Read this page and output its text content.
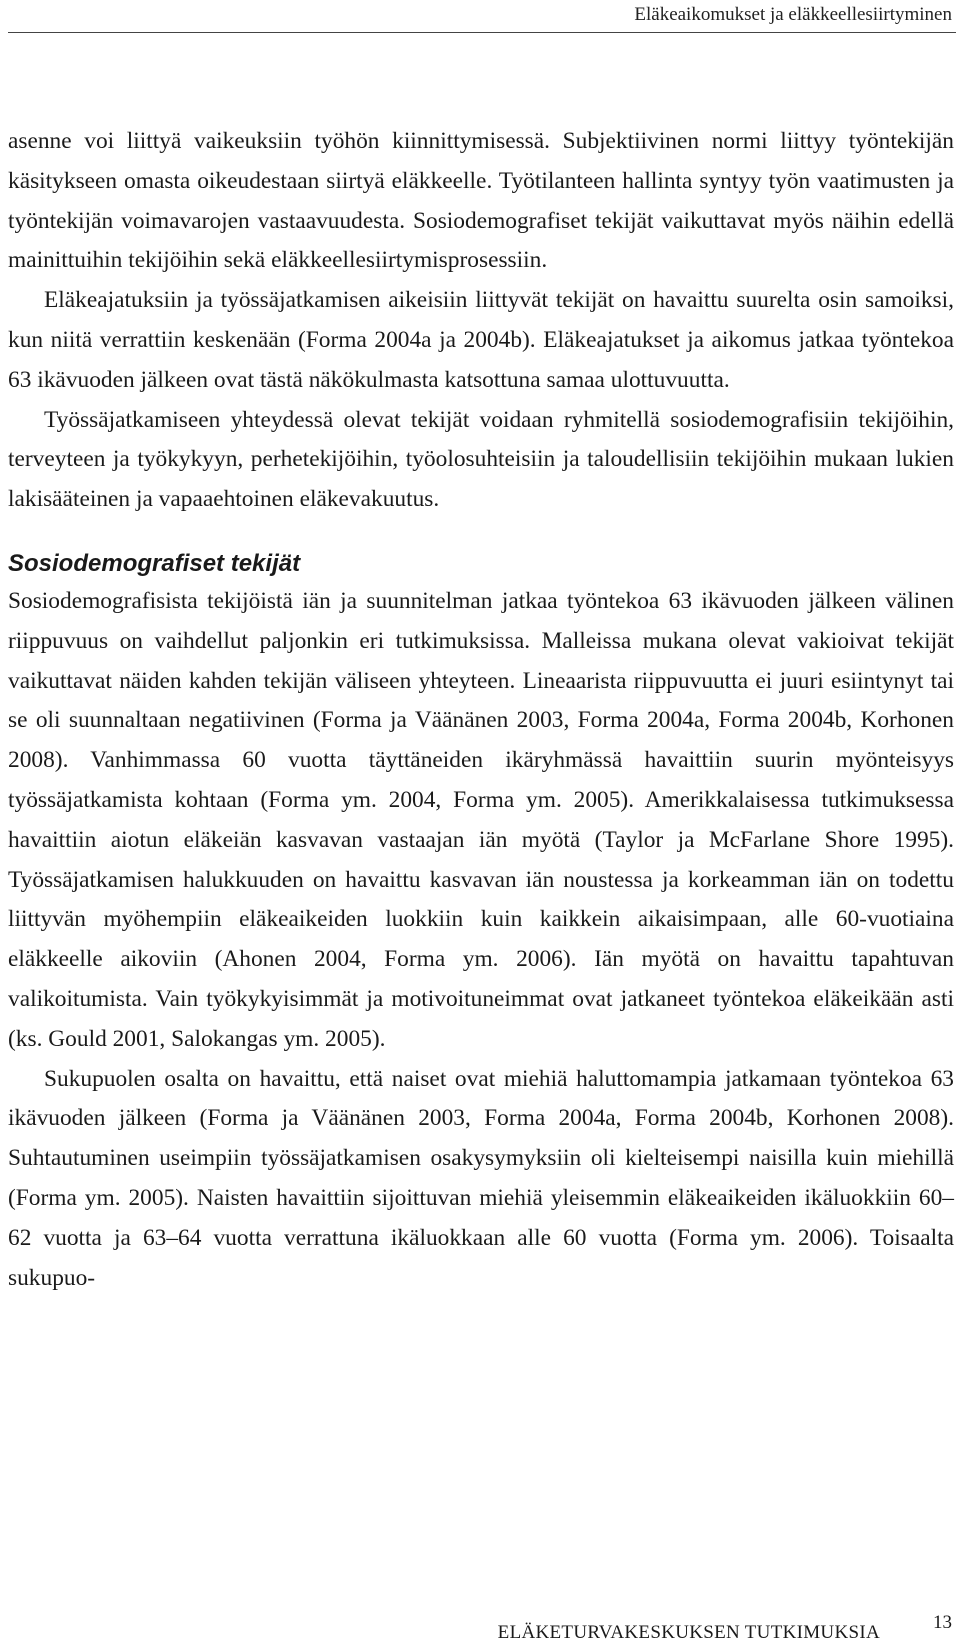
Eläkeaikomukset ja eläkkeellesiirtyminen

asenne voi liittyä vaikeuksiin työhön kiinnittymisessä. Subjektiivinen normi liittyy työntekijän käsitykseen omasta oikeudestaan siirtyä eläkkeelle. Työtilanteen hallinta syntyy työn vaatimusten ja työntekijän voimavarojen vastaavuudesta. Sosiodemografiset tekijät vaikuttavat myös näihin edellä mainittuihin tekijöihin sekä eläkkeellesiirtymisprosessiin.

Eläkeajatuksiin ja työssäjatkamisen aikeisiin liittyvät tekijät on havaittu suurelta osin samoiksi, kun niitä verrattiin keskenään (Forma 2004a ja 2004b). Eläkeajatukset ja aikomus jatkaa työntekoa 63 ikävuoden jälkeen ovat tästä näkökulmasta katsottuna samaa ulottuvuutta.

Työssäjatkamiseen yhteydessä olevat tekijät voidaan ryhmitellä sosiodemografisiin tekijöihin, terveyteen ja työkykyyn, perhetekijöihin, työolosuhteisiin ja taloudellisiin tekijöihin mukaan lukien lakisääteinen ja vapaaehtoinen eläkevakuutus.

Sosiodemografiset tekijät

Sosiodemografisista tekijöistä iän ja suunnitelman jatkaa työntekoa 63 ikävuoden jälkeen välinen riippuvuus on vaihdellut paljonkin eri tutkimuksissa. Malleissa mukana olevat vakioivat tekijät vaikuttavat näiden kahden tekijän väliseen yhteyteen. Lineaarista riippuvuutta ei juuri esiintynyt tai se oli suunnaltaan negatiivinen (Forma ja Väänänen 2003, Forma 2004a, Forma 2004b, Korhonen 2008). Vanhimmassa 60 vuotta täyttäneiden ikäryhmässä havaittiin suurin myönteisyys työssäjatkamista kohtaan (Forma ym. 2004, Forma ym. 2005). Amerikkalaisessa tutkimuksessa havaittiin aiotun eläkeiän kasvavan vastaajan iän myötä (Taylor ja McFarlane Shore 1995). Työssäjatkamisen halukkuuden on havaittu kasvavan iän noustessa ja korkeamman iän on todettu liittyvän myöhempiin eläkeaikeiden luokkiin kuin kaikkein aikaisimpaan, alle 60-vuotiaina eläkkeelle aikoviin (Ahonen 2004, Forma ym. 2006). Iän myötä on havaittu tapahtuvan valikoitumista. Vain työkykyisimmät ja motivoituneimmat ovat jatkaneet työntekoa eläkeikään asti (ks. Gould 2001, Salokangas ym. 2005).

Sukupuolen osalta on havaittu, että naiset ovat miehiä haluttomampia jatkamaan työntekoa 63 ikävuoden jälkeen (Forma ja Väänänen 2003, Forma 2004a, Forma 2004b, Korhonen 2008). Suhtautuminen useimpiin työssäjatkamisen osakysymyksiin oli kielteisempi naisilla kuin miehillä (Forma ym. 2005). Naisten havaittiin sijoittuvan miehiä yleisemmin eläkeaikeiden ikäluokkiin 60–62 vuotta ja 63–64 vuotta verrattuna ikäluokkaan alle 60 vuotta (Forma ym. 2006). Toisaalta sukupuo-

ELÄKETURVAKESKUKSEN TUTKIMUKSIA	13
